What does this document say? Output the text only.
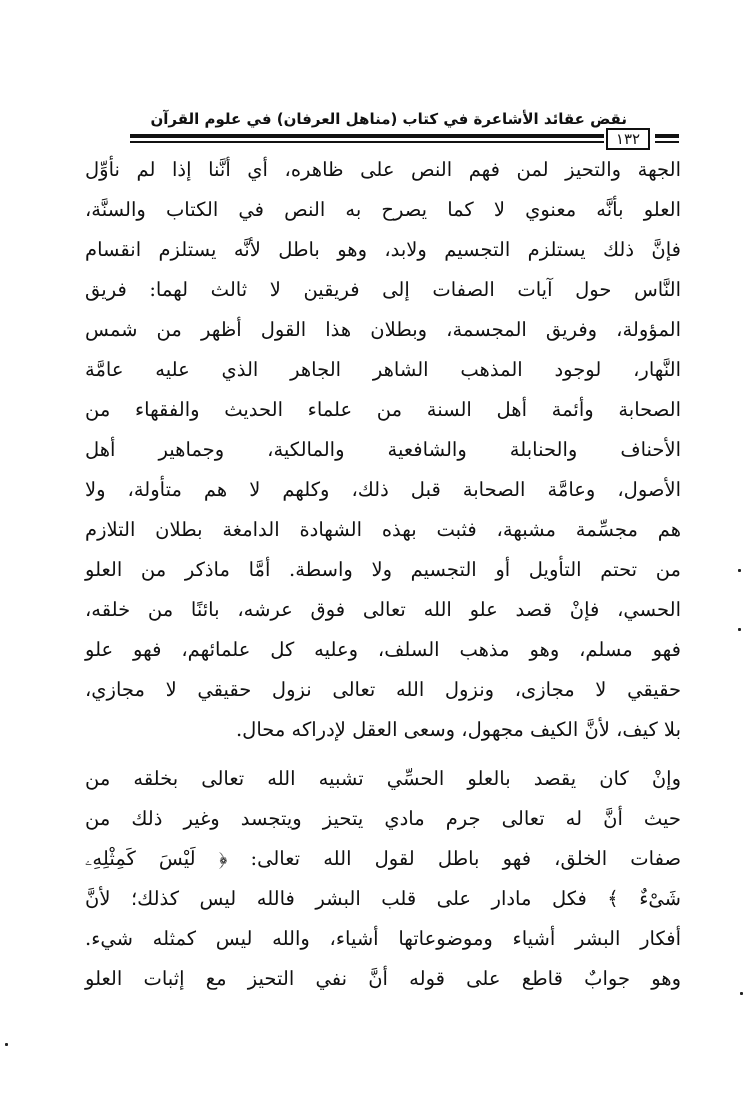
نقض عقائد الأشاعرة في كتاب (مناهل العرفان) في علوم القرآن
١٣٢
الجهة والتحيز لمن فهم النص على ظاهره، أي أنَّنا إذا لم نأوِّل
العلو بأنَّه معنوي لا كما يصرح به النص في الكتاب والسنَّة،
فإنَّ ذلك يستلزم التجسيم ولابد، وهو باطل لأنَّه يستلزم انقسام
النَّاس حول آيات الصفات إلى فريقين لا ثالث لهما: فريق
المؤولة، وفريق المجسمة، وبطلان هذا القول أظهر من شمس
النَّهار، لوجود المذهب الشاهر الجاهر الذي عليه عامَّة
الصحابة وأئمة أهل السنة من علماء الحديث والفقهاء من
الأحناف والحنابلة والشافعية والمالكية، وجماهير أهل
الأصول، وعامَّة الصحابة قبل ذلك، وكلهم لا هم متأولة، ولا
هم مجسِّمة مشبهة، فثبت بهذه الشهادة الدامغة بطلان التلازم
من تحتم التأويل أو التجسيم ولا واسطة. أمَّا ماذكر من العلو
الحسي، فإنْ قصد علو الله تعالى فوق عرشه، بائنًا من خلقه،
فهو مسلم، وهو مذهب السلف، وعليه كل علمائهم، فهو علو
حقيقي لا مجازى، ونزول الله تعالى نزول حقيقي لا مجازي،
بلا كيف، لأنَّ الكيف مجهول، وسعى العقل لإدراكه محال.
وإنْ كان يقصد بالعلو الحسِّي تشبيه الله تعالى بخلقه من
حيث أنَّ له تعالى جرم مادي يتحيز ويتجسد وغير ذلك من
صفات الخلق، فهو باطل لقول الله تعالى: ﴿ لَيْسَ كَمِثْلِهِۦ
شَىْءٌ ﴾ فكل مادار على قلب البشر فالله ليس كذلك؛ لأنَّ
أفكار البشر أشياء وموضوعاتها أشياء، والله ليس كمثله شيء.
وهو جوابٌ قاطع على قوله أنَّ نفي التحيز مع إثبات العلو
